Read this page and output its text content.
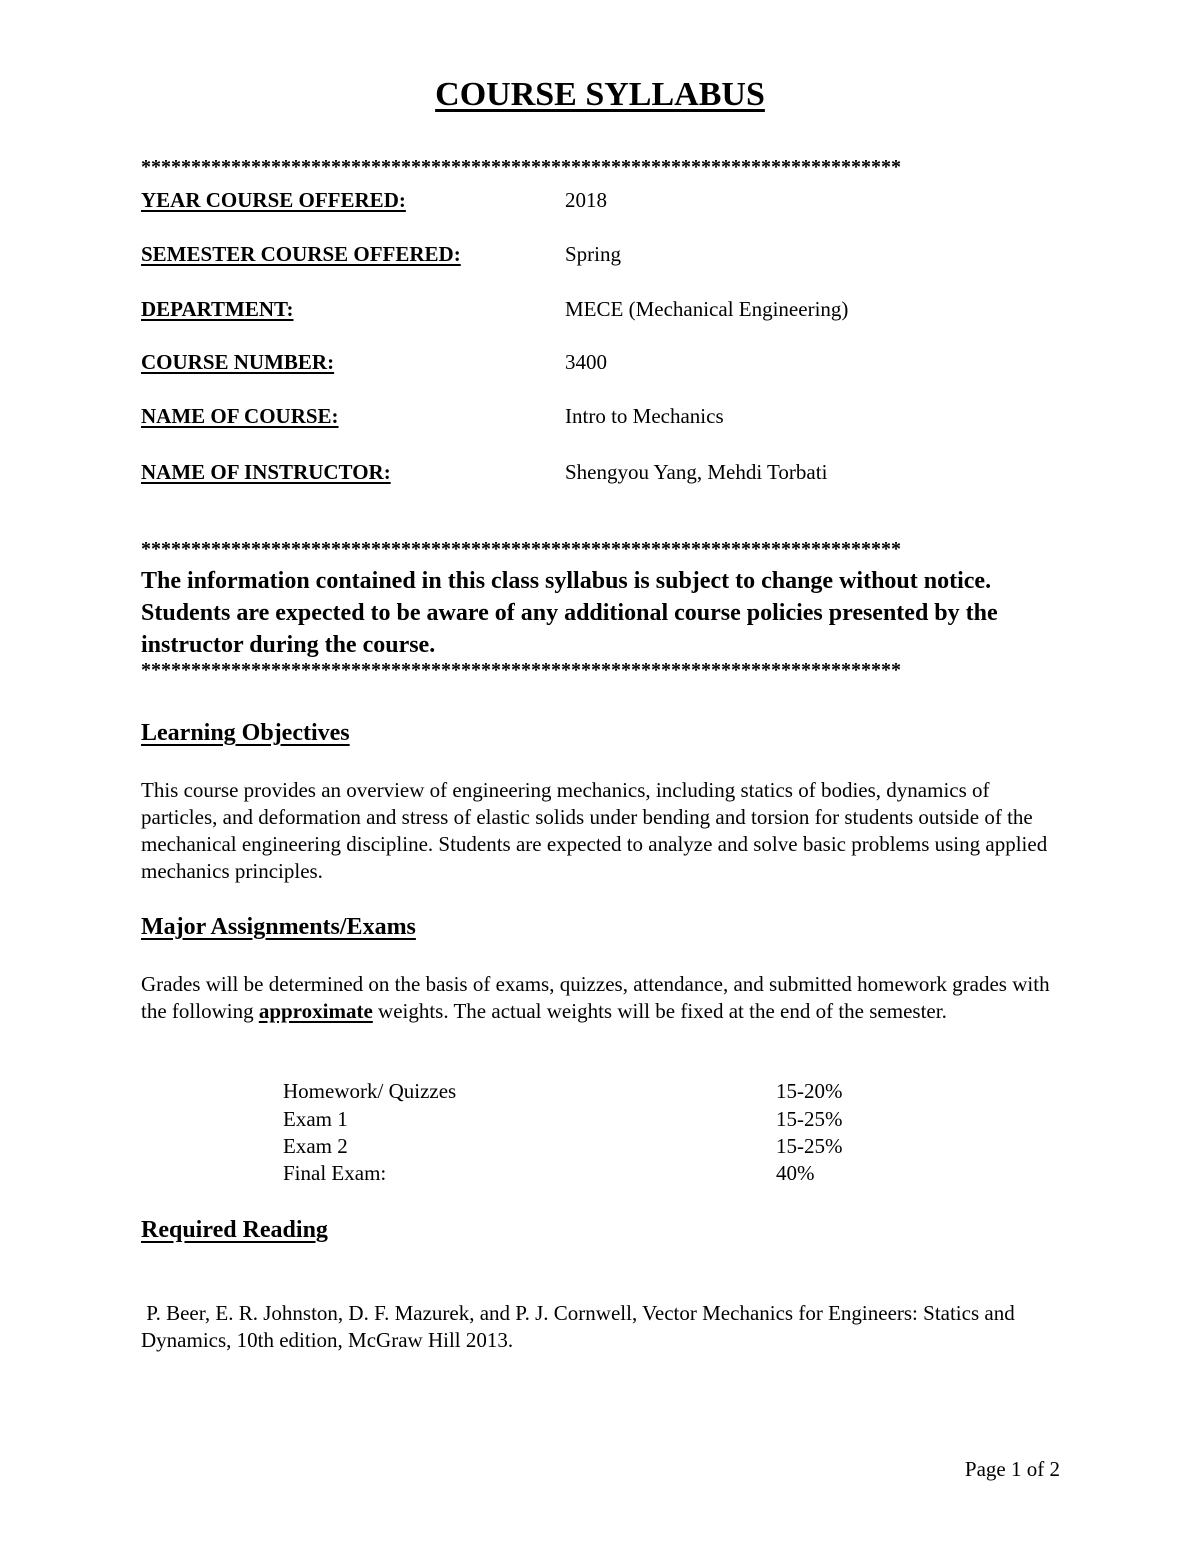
COURSE SYLLABUS
****************************************************************************
YEAR COURSE OFFERED:	2018
SEMESTER COURSE OFFERED:	Spring
DEPARTMENT:	MECE (Mechanical Engineering)
COURSE NUMBER:	3400
NAME OF COURSE:	Intro to Mechanics
NAME OF INSTRUCTOR:	Shengyou Yang, Mehdi Torbati
****************************************************************************
The information contained in this class syllabus is subject to change without notice. Students are expected to be aware of any additional course policies presented by the instructor during the course.
****************************************************************************
Learning Objectives
This course provides an overview of engineering mechanics, including statics of bodies, dynamics of particles, and deformation and stress of elastic solids under bending and torsion for students outside of the mechanical engineering discipline. Students are expected to analyze and solve basic problems using applied mechanics principles.
Major Assignments/Exams
Grades will be determined on the basis of exams, quizzes, attendance, and submitted homework grades with the following approximate weights. The actual weights will be fixed at the end of the semester.
Homework/ Quizzes	15-20%
Exam 1	15-25%
Exam 2	15-25%
Final Exam:	40%
Required Reading
P. Beer, E. R. Johnston, D. F. Mazurek, and P. J. Cornwell, Vector Mechanics for Engineers: Statics and Dynamics, 10th edition, McGraw Hill 2013.
Page 1 of 2
